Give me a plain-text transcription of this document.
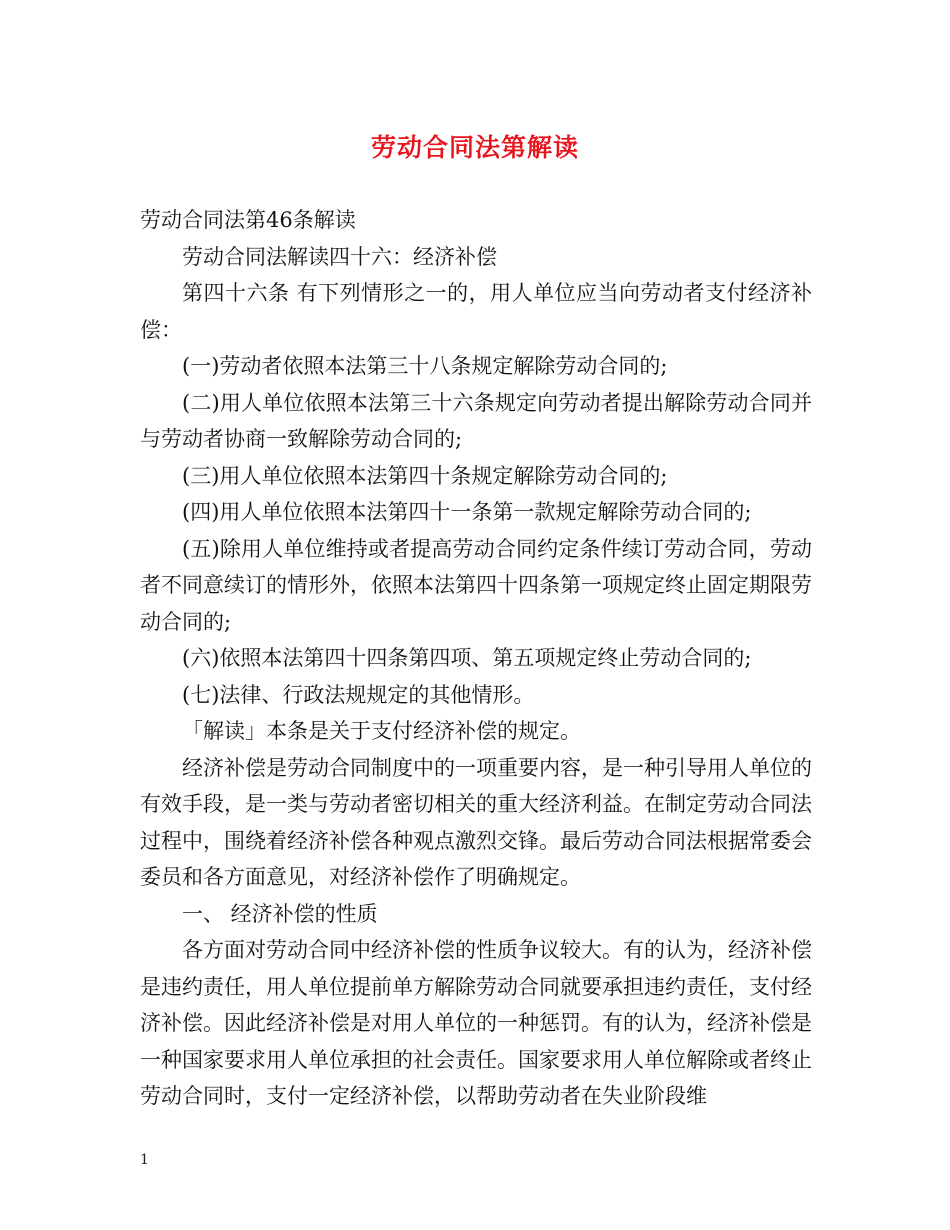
劳动合同法第解读

劳动合同法第46条解读

劳动合同法解读四十六：经济补偿

第四十六条 有下列情形之一的，用人单位应当向劳动者支付经济补偿：

(一)劳动者依照本法第三十八条规定解除劳动合同的;

(二)用人单位依照本法第三十六条规定向劳动者提出解除劳动合同并与劳动者协商一致解除劳动合同的;

(三)用人单位依照本法第四十条规定解除劳动合同的;

(四)用人单位依照本法第四十一条第一款规定解除劳动合同的;

(五)除用人单位维持或者提高劳动合同约定条件续订劳动合同，劳动者不同意续订的情形外，依照本法第四十四条第一项规定终止固定期限劳动合同的;

(六)依照本法第四十四条第四项、第五项规定终止劳动合同的;

(七)法律、行政法规规定的其他情形。

「解读」本条是关于支付经济补偿的规定。

经济补偿是劳动合同制度中的一项重要内容，是一种引导用人单位的有效手段，是一类与劳动者密切相关的重大经济利益。在制定劳动合同法过程中，围绕着经济补偿各种观点激烈交锋。最后劳动合同法根据常委会委员和各方面意见，对经济补偿作了明确规定。

一、 经济补偿的性质

各方面对劳动合同中经济补偿的性质争议较大。有的认为，经济补偿是违约责任，用人单位提前单方解除劳动合同就要承担违约责任，支付经济补偿。因此经济补偿是对用人单位的一种惩罚。有的认为，经济补偿是一种国家要求用人单位承担的社会责任。国家要求用人单位解除或者终止劳动合同时，支付一定经济补偿，以帮助劳动者在失业阶段维

1
